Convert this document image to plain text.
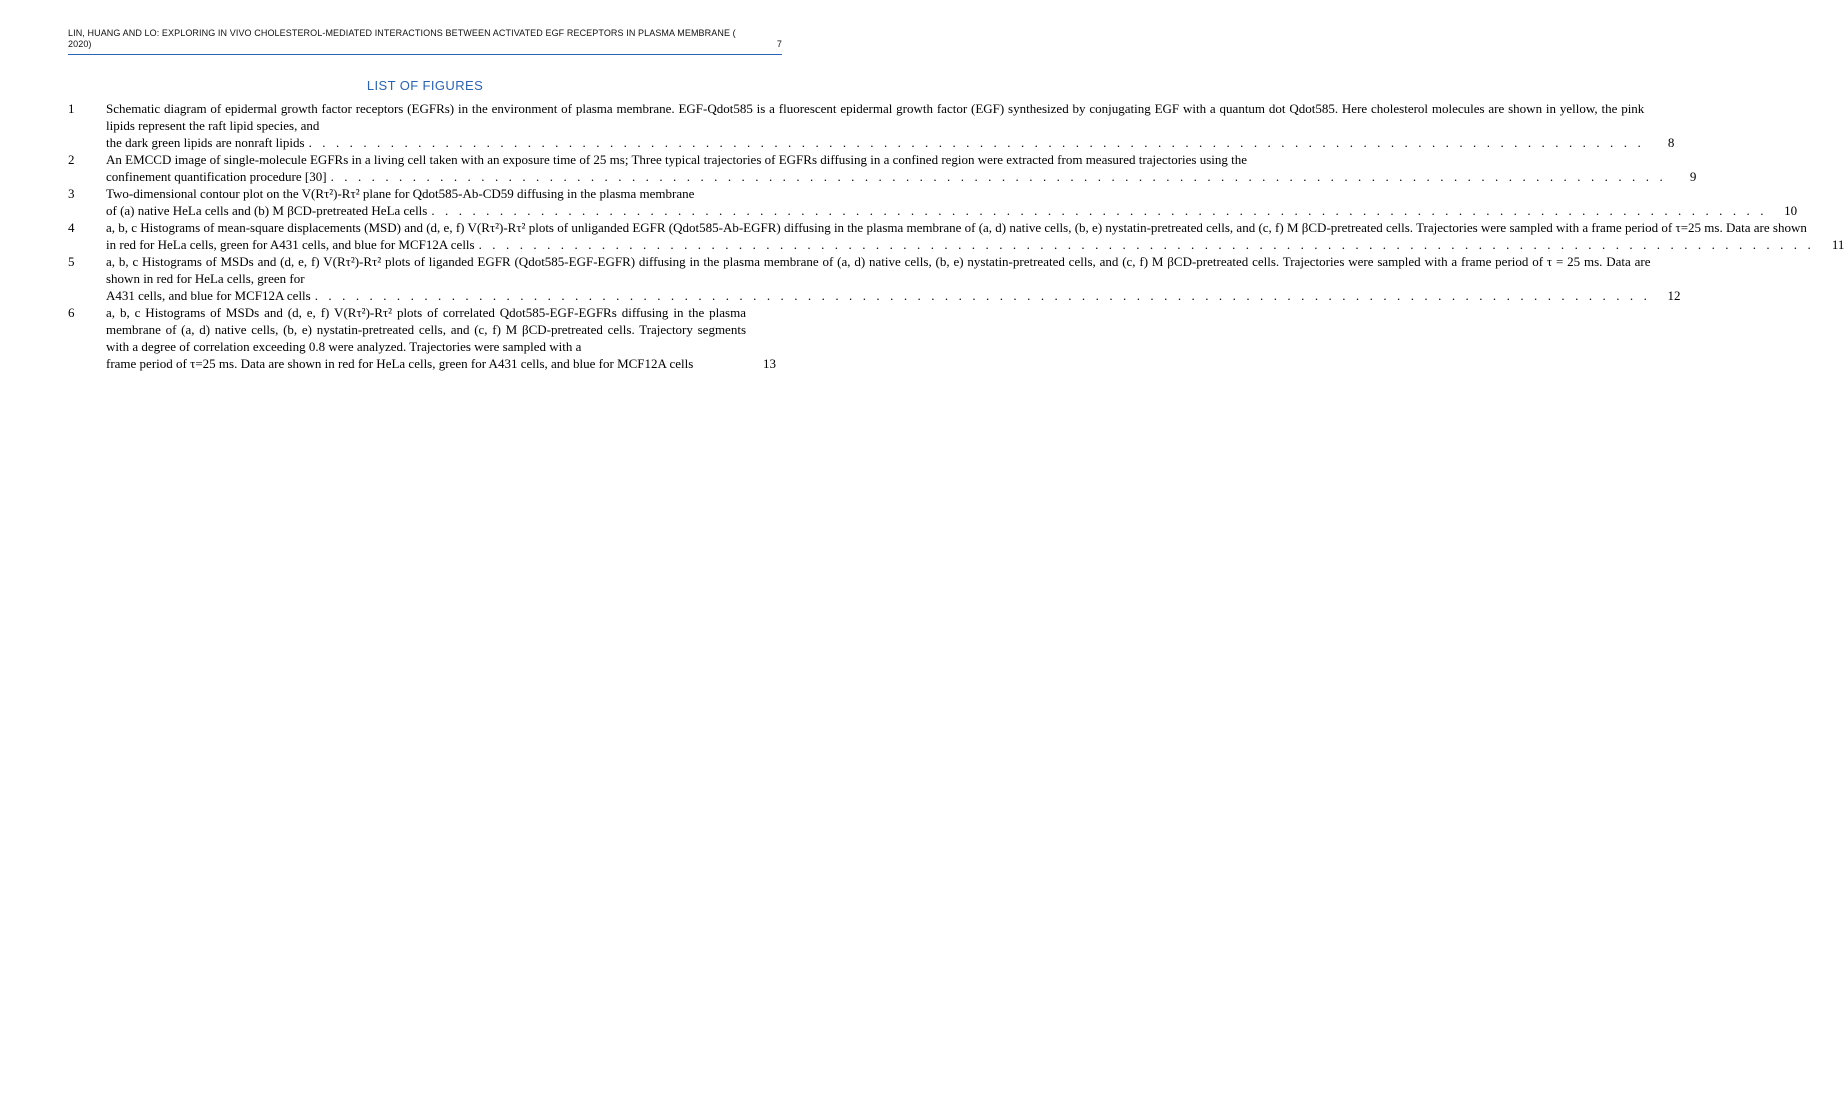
LIN, HUANG AND LO: EXPLORING IN VIVO CHOLESTEROL-MEDIATED INTERACTIONS BETWEEN ACTIVATED EGF RECEPTORS IN PLASMA MEMBRANE (
2020)	7
LIST OF FIGURES
1	Schematic diagram of epidermal growth factor receptors (EGFRs) in the environment of plasma membrane. EGF-Qdot585 is a fluorescent epidermal growth factor (EGF) synthesized by conjugating EGF with a quantum dot Qdot585. Here cholesterol molecules are shown in yellow, the pink lipids represent the raft lipid species, and
the dark green lipids are nonraft lipids . . . . . . . . . . . . . . . . . . . . . . . . . . . . . . . . . . . . . . . . . . . . . . . . . . . . . . . . . . . . . . . . . . . . . . . . . . . . . . . . . . . . . . . . . . . . . . . . . .	8
2	An EMCCD image of single-molecule EGFRs in a living cell taken with an exposure time of 25 ms; Three typical trajectories of EGFRs diffusing in a confined region were extracted from measured trajectories using the
confinement quantification procedure [30] . . . . . . . . . . . . . . . . . . . . . . . . . . . . . . . . . . . . . . . . . . . . . . . . . . . . . . . . . . . . . . . . . . . . . . . . . . . . . . . . . . . . . . . . . . . . . . . . . .	9
3	Two-dimensional contour plot on the V(Rτ²)-Rτ² plane for Qdot585-Ab-CD59 diffusing in the plasma membrane
of (a) native HeLa cells and (b) M βCD-pretreated HeLa cells . . . . . . . . . . . . . . . . . . . . . . . . . . . . . . . . . . . . . . . . . . . . . . . . . . . . . . . . . . . . . . . . . . . . . . . . . . . . . . . . . . . . . . . . . . . . . . . . . .	10
4	a, b, c Histograms of mean-square displacements (MSD) and (d, e, f) V(Rτ²)-Rτ² plots of unliganded EGFR (Qdot585-Ab-EGFR) diffusing in the plasma membrane of (a, d) native cells, (b, e) nystatin-pretreated cells, and (c, f) M βCD-pretreated cells. Trajectories were sampled with a frame period of τ=25 ms. Data are shown
in red for HeLa cells, green for A431 cells, and blue for MCF12A cells . . . . . . . . . . . . . . . . . . . . . . . . . . . . . . . . . . . . . . . . . . . . . . . . . . . . . . . . . . . . . . . . . . . . . . . . . . . . . . . . . . . . . . . . . . . . . . . . . .	11
5	a, b, c Histograms of MSDs and (d, e, f) V(Rτ²)-Rτ² plots of liganded EGFR (Qdot585-EGF-EGFR) diffusing in the plasma membrane of (a, d) native cells, (b, e) nystatin-pretreated cells, and (c, f) M βCD-pretreated cells. Trajectories were sampled with a frame period of τ = 25 ms. Data are shown in red for HeLa cells, green for
A431 cells, and blue for MCF12A cells . . . . . . . . . . . . . . . . . . . . . . . . . . . . . . . . . . . . . . . . . . . . . . . . . . . . . . . . . . . . . . . . . . . . . . . . . . . . . . . . . . . . . . . . . . . . . . . . . .	12
6	a, b, c Histograms of MSDs and (d, e, f) V(Rτ²)-Rτ² plots of correlated Qdot585-EGF-EGFRs diffusing in the plasma membrane of (a, d) native cells, (b, e) nystatin-pretreated cells, and (c, f) M βCD-pretreated cells. Trajectory segments with a degree of correlation exceeding 0.8 were analyzed. Trajectories were sampled with a
frame period of τ=25 ms. Data are shown in red for HeLa cells, green for A431 cells, and blue for MCF12A cells	13
